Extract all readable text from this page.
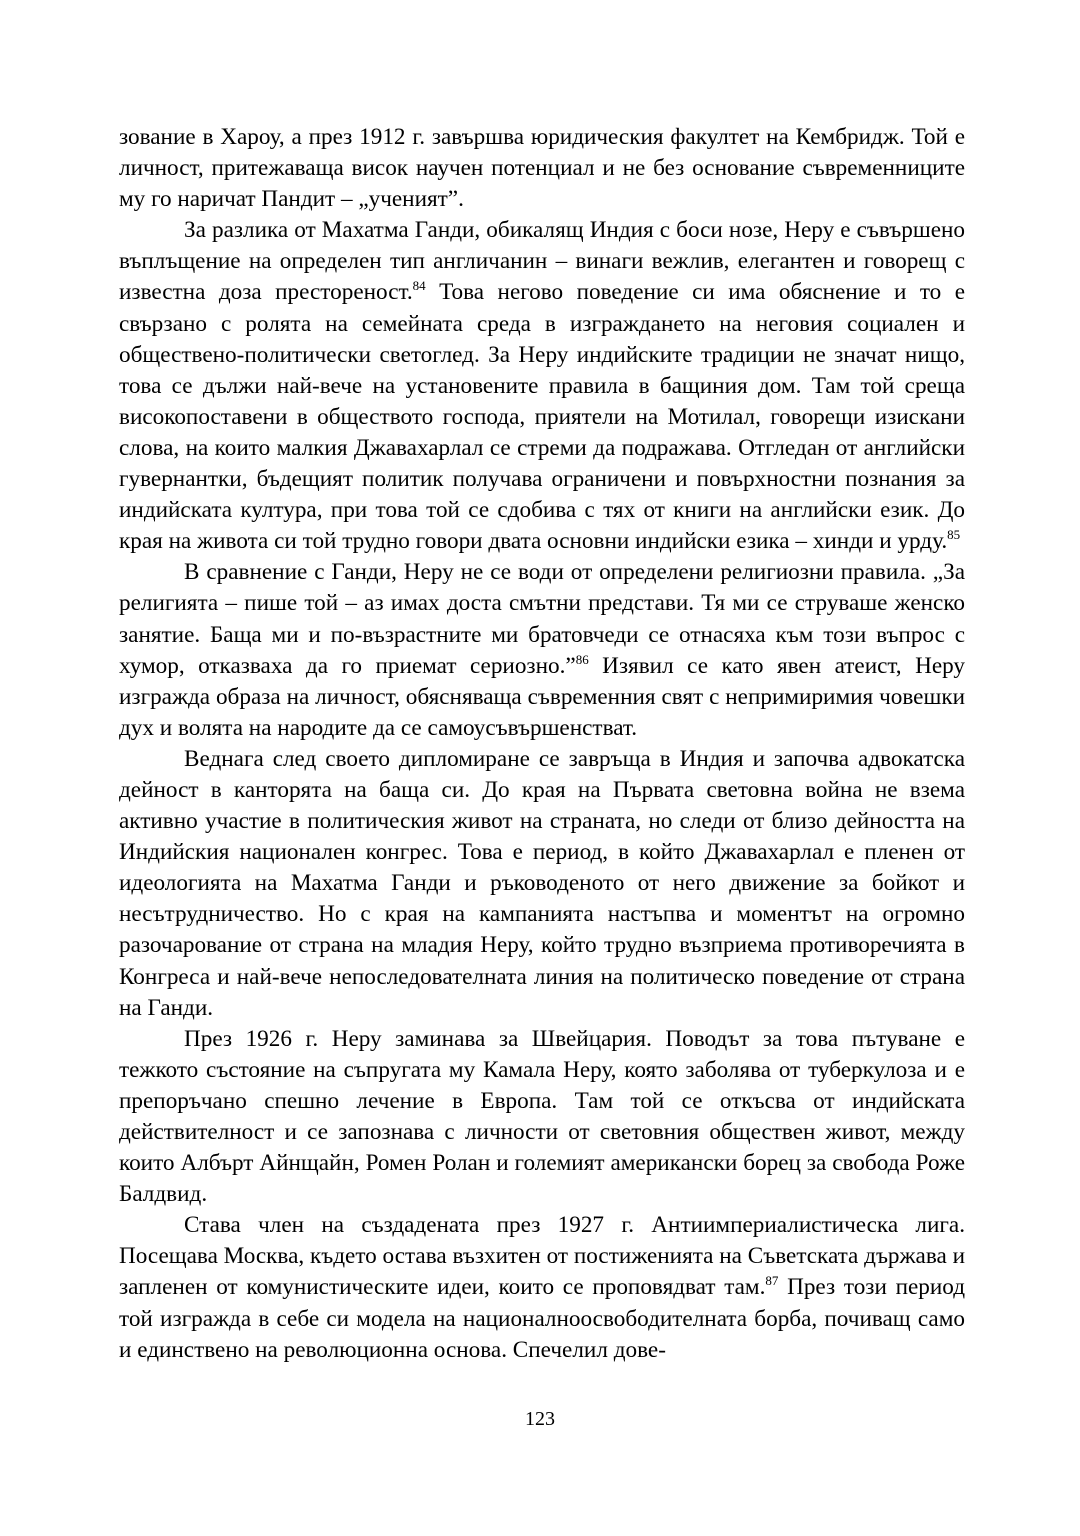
зование в Хароу, а през 1912 г. завършва юридическия факултет на Кембридж. Той е личност, притежаваща висок научен потенциал и не без основание съвременниците му го наричат Пандит – „ученият”.

За разлика от Махатма Ганди, обикалящ Индия с боси нозе, Неру е съвършено въплъщение на определен тип англичанин – винаги вежлив, елегантен и говорещ с известна доза престореност.$^{84}$ Това негово поведение си има обяснение и то е свързано с ролята на семейната среда в изграждането на неговия социален и обществено-политически светоглед. За Неру индийските традиции не значат нищо, това се дължи най-вече на установените правила в бащиния дом. Там той среща високопоставени в обществото господа, приятели на Мотилал, говорещи изискани слова, на които малкия Джавахарлал се стреми да подражава. Отгледан от английски гувернантки, бъдещият политик получава ограничени и повърхностни познания за индийската култура, при това той се сдобива с тях от книги на английски език. До края на живота си той трудно говори двата основни индийски езика – хинди и урду.$^{85}$

В сравнение с Ганди, Неру не се води от определени религиозни правила. „За религията – пише той – аз имах доста смътни представи. Тя ми се струваше женско занятие. Баща ми и по-възрастните ми братовчеди се отнасяха към този въпрос с хумор, отказваха да го приемат сериозно.”$^{86}$ Изявил се като явен атеист, Неру изгражда образа на личност, обясняваща съвременния свят с непримиримия човешки дух и волята на народите да се самоусъвършенстват.

Веднага след своето дипломиране се завръща в Индия и започва адвокатска дейност в канторята на баща си. До края на Първата световна война не взема активно участие в политическия живот на страната, но следи от близо дейността на Индийския национален конгрес. Това е период, в който Джавахарлал е пленен от идеологията на Махатма Ганди и ръководеното от него движение за бойкот и несътрудничество. Но с края на кампанията настъпва и моментът на огромно разочарование от страна на младия Неру, който трудно възприема противоречията в Конгреса и най-вече непоследователната линия на политическо поведение от страна на Ганди.

През 1926 г. Неру заминава за Швейцария. Поводът за това пътуване е тежкото състояние на съпругата му Камала Неру, която заболява от туберкулоза и е препоръчано спешно лечение в Европа. Там той се откъсва от индийската действителност и се запознава с личности от световния обществен живот, между които Албърт Айнщайн, Ромен Ролан и големият американски борец за свобода Роже Балдвид.

Става член на създадената през 1927 г. Антиимпериалистическа лига. Посещава Москва, където остава възхитен от постиженията на Съветската държава и запленен от комунистическите идеи, които се проповядват там.$^{87}$ През този период той изгражда в себе си модела на националноосвободителната борба, почиващ само и единствено на революционна основа. Спечелил дове-

123
